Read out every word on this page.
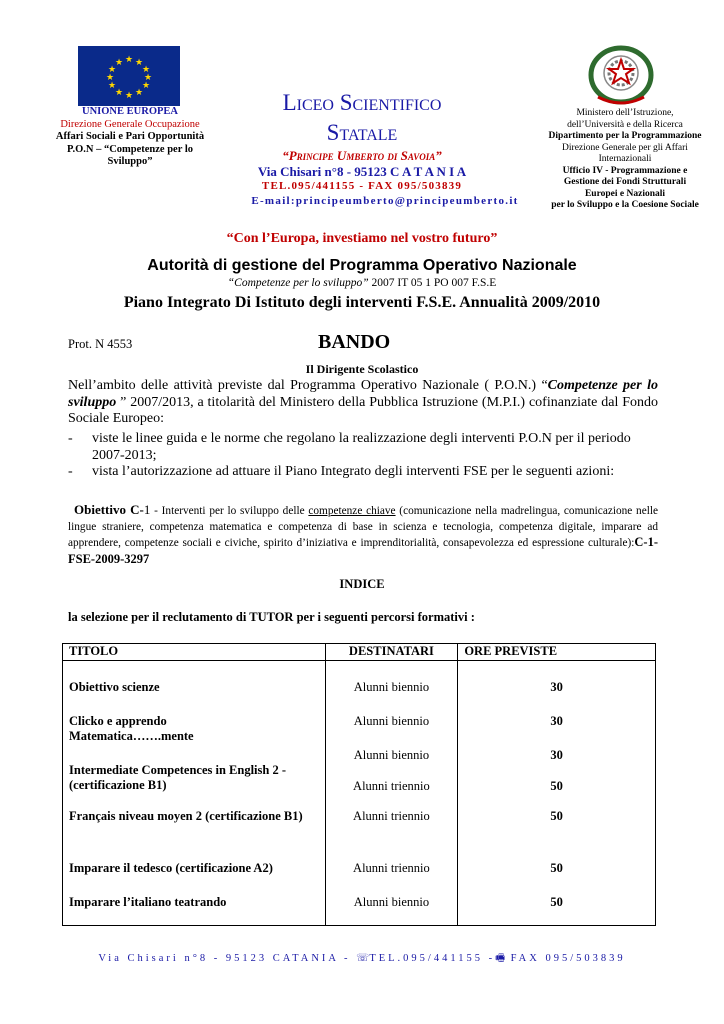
★ ★
★
★
★
★
★
★
★
★
★
★
UNIONE EUROPEA
Direzione Generale Occupazione
Affari Sociali e Pari Opportunità
P.O.N – “Competenze per lo
Sviluppo”
Liceo Scientifico
Statale
“Principe Umberto di Savoia”
Via Chisari n°8 - 95123 C A T A N I A
TEL.095/441155 - FAX 095/503839
E-mail:principeumberto@principeumberto.it
Ministero dell’Istruzione,
dell’Università e della Ricerca
Dipartimento per la Programmazione
Direzione Generale per gli Affari
Internazionali
Ufficio IV - Programmazione e
Gestione dei Fondi Strutturali
Europei e Nazionali
per lo Sviluppo e la Coesione Sociale
“Con l’Europa, investiamo nel vostro futuro”
Autorità di gestione del Programma Operativo Nazionale
“Competenze per lo sviluppo” 2007 IT 05 1 PO 007 F.S.E
Piano Integrato Di Istituto degli interventi F.S.E. Annualità 2009/2010
Prot. N 4553	BANDO
Il Dirigente Scolastico
Nell’ambito delle attività previste dal Programma Operativo Nazionale ( P.O.N.) “Competenze per lo sviluppo ” 2007/2013, a titolarità del Ministero della Pubblica Istruzione (M.P.I.) cofinanziate dal Fondo Sociale Europeo:
- viste le linee guida e le norme che regolano la realizzazione degli interventi P.O.N per il periodo 2007-2013;
- vista l’autorizzazione ad attuare il Piano Integrato degli interventi FSE per le seguenti azioni:
Obiettivo C-1 - Interventi per lo sviluppo delle competenze chiave (comunicazione nella madrelingua, comunicazione nelle lingue straniere, competenza matematica e competenza di base in scienza e tecnologia, competenza digitale, imparare ad apprendere, competenze sociali e civiche, spirito d’iniziativa e imprenditorialità, consapevolezza ed espressione culturale):C-1-FSE-2009-3297
INDICE
la selezione per il reclutamento di TUTOR per i seguenti percorsi formativi :
TITOLO	DESTINATARI	ORE PREVISTE
Obiettivo scienze	Alunni biennio	30
Clicko e apprendo	Alunni biennio	30
Matematica…….mente	Alunni biennio	30
Intermediate Competences in English 2 - (certificazione B1)	Alunni triennio	50
Français niveau moyen 2 (certificazione B1)	Alunni triennio	50
Imparare il tedesco (certificazione A2)	Alunni triennio	50
Imparare l’italiano teatrando	Alunni biennio	50
Via Chisari n°8 - 95123 CATANIA - ☏TEL.095/441155 -🖷 FAX 095/503839
